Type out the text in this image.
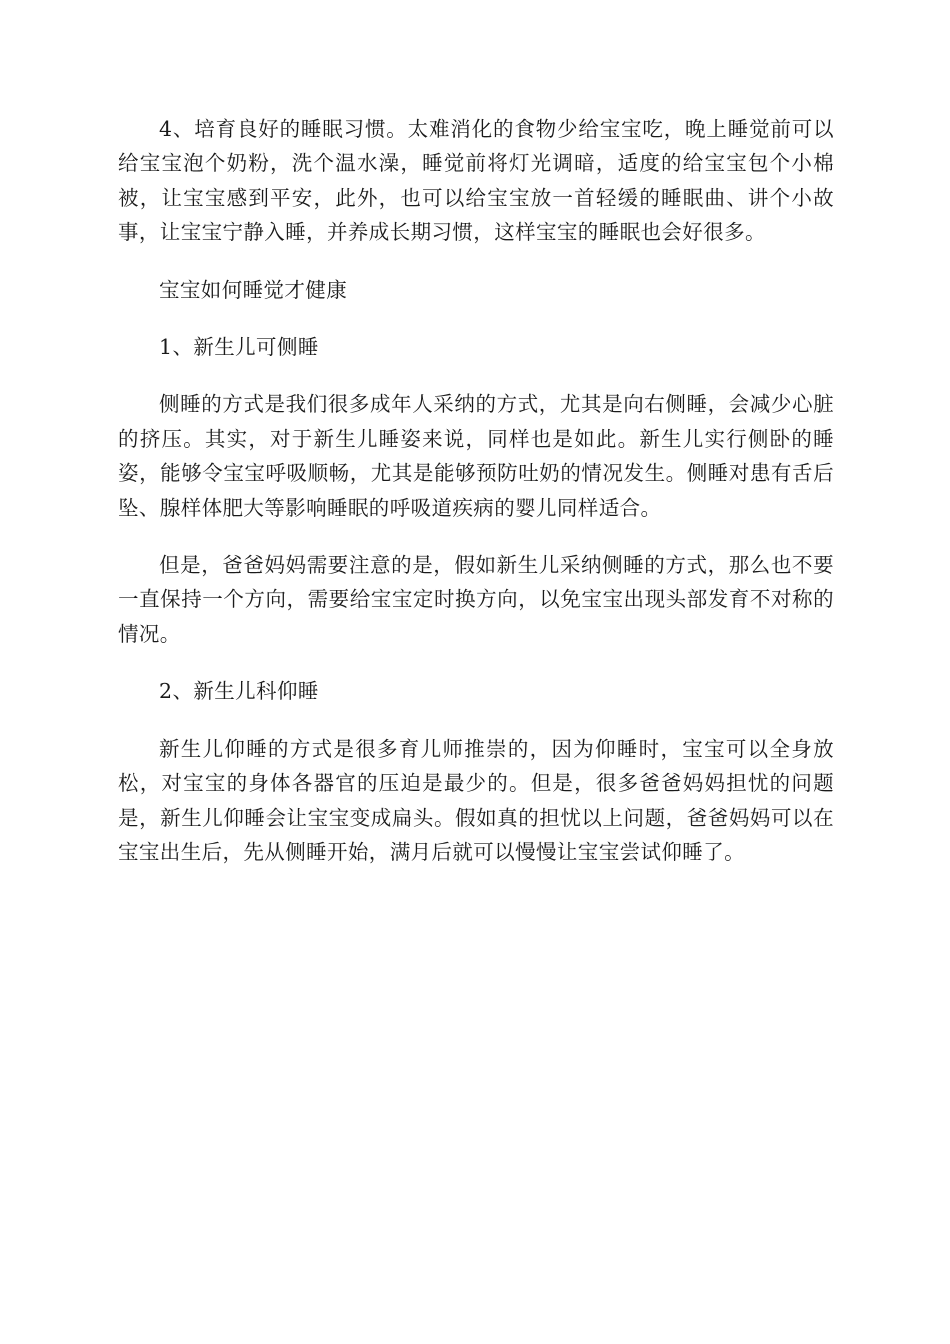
4、培育良好的睡眠习惯。太难消化的食物少给宝宝吃，晚上睡觉前可以给宝宝泡个奶粉，洗个温水澡，睡觉前将灯光调暗，适度的给宝宝包个小棉被，让宝宝感到平安，此外，也可以给宝宝放一首轻缓的睡眠曲、讲个小故事，让宝宝宁静入睡，并养成长期习惯，这样宝宝的睡眠也会好很多。

宝宝如何睡觉才健康

1、新生儿可侧睡

侧睡的方式是我们很多成年人采纳的方式，尤其是向右侧睡，会减少心脏的挤压。其实，对于新生儿睡姿来说，同样也是如此。新生儿实行侧卧的睡姿，能够令宝宝呼吸顺畅，尤其是能够预防吐奶的情况发生。侧睡对患有舌后坠、腺样体肥大等影响睡眠的呼吸道疾病的婴儿同样适合。

但是，爸爸妈妈需要注意的是，假如新生儿采纳侧睡的方式，那么也不要一直保持一个方向，需要给宝宝定时换方向，以免宝宝出现头部发育不对称的情况。

2、新生儿科仰睡

新生儿仰睡的方式是很多育儿师推崇的，因为仰睡时，宝宝可以全身放松，对宝宝的身体各器官的压迫是最少的。但是，很多爸爸妈妈担忧的问题是，新生儿仰睡会让宝宝变成扁头。假如真的担忧以上问题，爸爸妈妈可以在宝宝出生后，先从侧睡开始，满月后就可以慢慢让宝宝尝试仰睡了。
